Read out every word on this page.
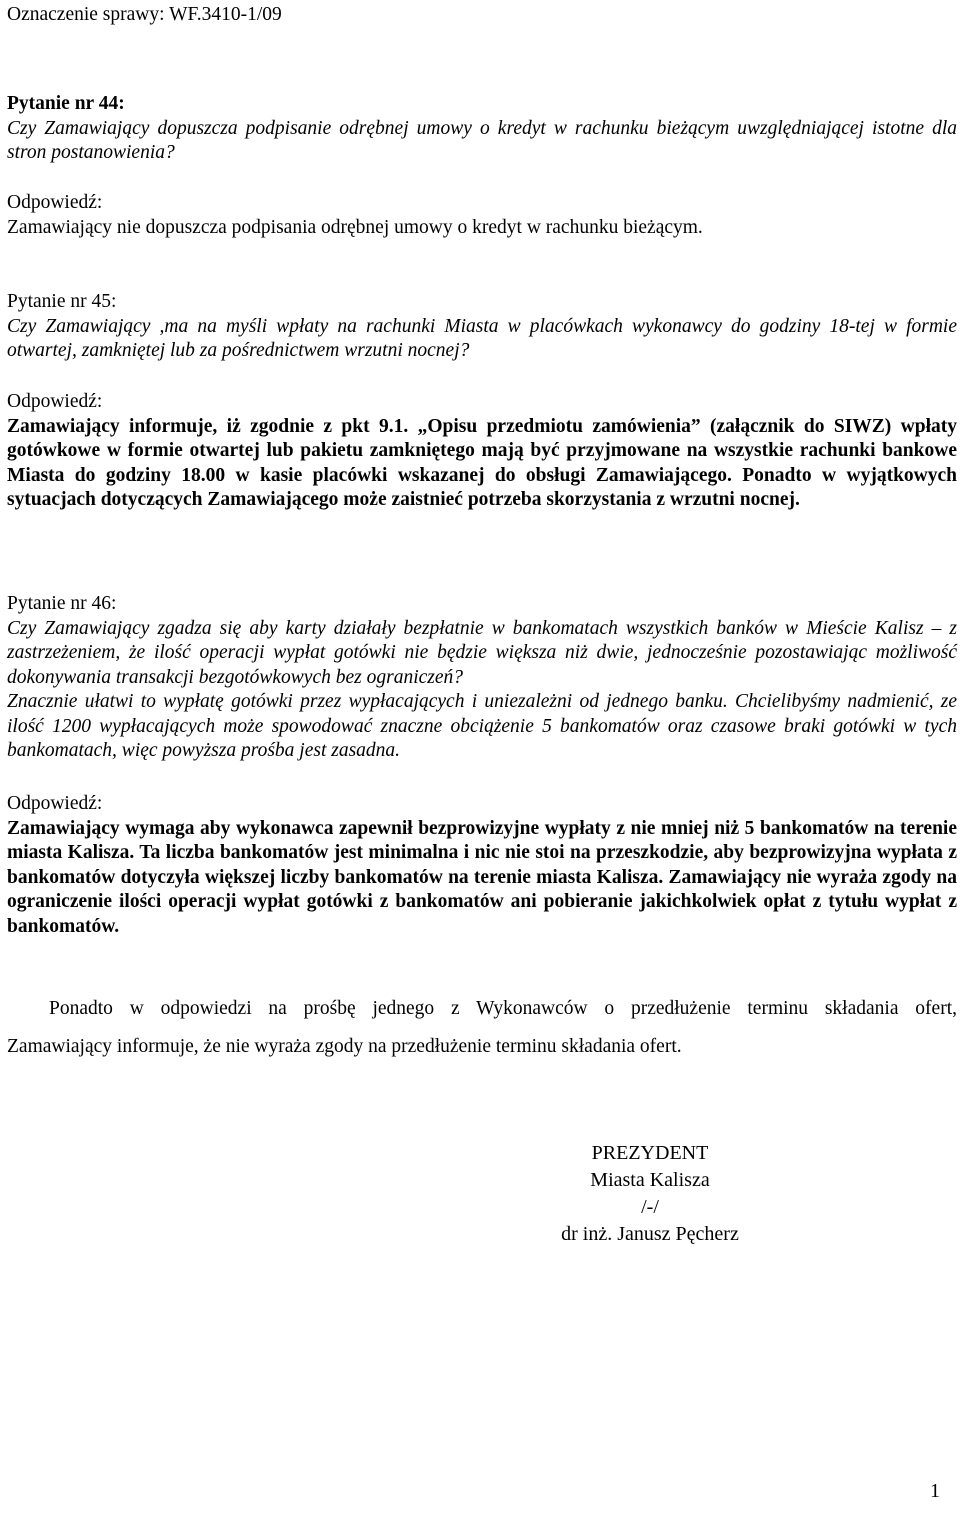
Oznaczenie sprawy: WF.3410-1/09

Pytanie nr 44:

Czy Zamawiający dopuszcza podpisanie odrębnej umowy o kredyt w rachunku bieżącym uwzględniającej istotne dla stron postanowienia?

Odpowiedź:

Zamawiający nie dopuszcza podpisania odrębnej umowy o kredyt w rachunku bieżącym.

Pytanie nr 45:

Czy Zamawiający ,ma na myśli wpłaty na rachunki Miasta w placówkach wykonawcy do godziny 18-tej w formie otwartej, zamkniętej lub za pośrednictwem wrzutni nocnej?

Odpowiedź:

Zamawiający informuje, iż zgodnie z pkt 9.1. „Opisu przedmiotu zamówienia” (załącznik do SIWZ) wpłaty gotówkowe w formie otwartej lub pakietu zamkniętego mają być przyjmowane na wszystkie rachunki bankowe Miasta do godziny 18.00 w kasie placówki wskazanej do obsługi Zamawiającego. Ponadto w wyjątkowych sytuacjach dotyczących Zamawiającego może zaistnieć potrzeba skorzystania z wrzutni nocnej.

Pytanie nr 46:

Czy Zamawiający zgadza się aby karty działały bezpłatnie w bankomatach wszystkich banków w Mieście Kalisz – z zastrzeżeniem, że ilość operacji wypłat gotówki nie będzie większa niż dwie, jednocześnie pozostawiając możliwość dokonywania transakcji bezgotówkowych bez ograniczeń?

Znacznie ułatwi to wypłatę gotówki przez wypłacających i uniezależni od jednego banku. Chcielibyśmy nadmienić, ze ilość 1200 wypłacających może spowodować znaczne obciążenie 5 bankomatów oraz czasowe braki gotówki w tych bankomatach, więc powyższa prośba jest zasadna.

Odpowiedź:

Zamawiający wymaga aby wykonawca zapewnił bezprowizyjne wypłaty z nie mniej niż 5 bankomatów na terenie miasta Kalisza. Ta liczba bankomatów jest minimalna i nic nie stoi na przeszkodzie, aby bezprowizyjna wypłata z bankomatów dotyczyła większej liczby bankomatów na terenie miasta Kalisza. Zamawiający nie wyraża zgody na ograniczenie ilości operacji wypłat gotówki z bankomatów ani pobieranie jakichkolwiek opłat z tytułu wypłat z bankomatów.

Ponadto w odpowiedzi na prośbę jednego z Wykonawców o przedłużenie terminu składania ofert,

Zamawiający informuje, że nie wyraża zgody na przedłużenie terminu składania ofert.

PREZYDENT
Miasta Kalisza
/-/
dr inż. Janusz Pęcherz
1
